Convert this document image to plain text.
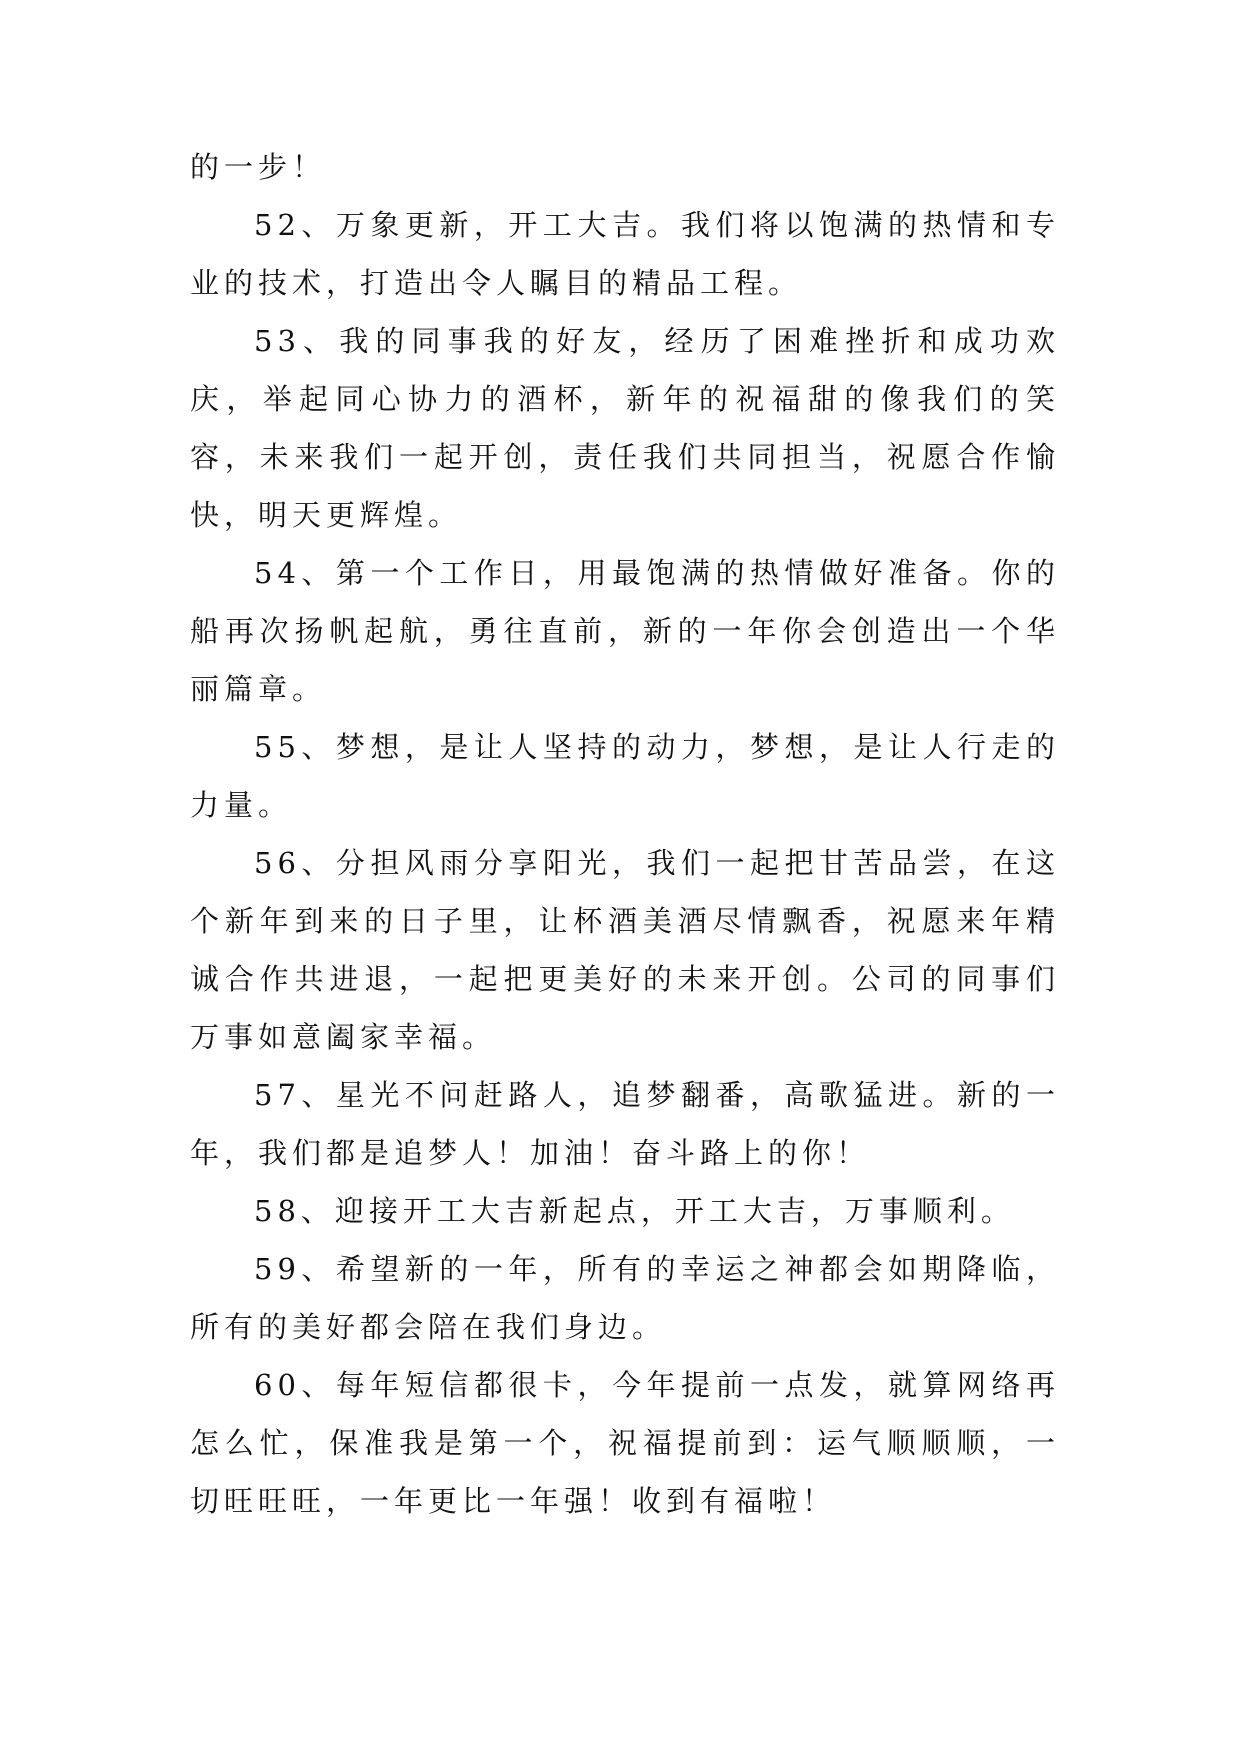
的一步！

52、万象更新，开工大吉。我们将以饱满的热情和专业的技术，打造出令人瞩目的精品工程。

53、我的同事我的好友，经历了困难挫折和成功欢庆，举起同心协力的酒杯，新年的祝福甜的像我们的笑容，未来我们一起开创，责任我们共同担当，祝愿合作愉快，明天更辉煌。

54、第一个工作日，用最饱满的热情做好准备。你的船再次扬帆起航，勇往直前，新的一年你会创造出一个华丽篇章。

55、梦想，是让人坚持的动力，梦想，是让人行走的力量。

56、分担风雨分享阳光，我们一起把甘苦品尝，在这个新年到来的日子里，让杯酒美酒尽情飘香，祝愿来年精诚合作共进退，一起把更美好的未来开创。公司的同事们万事如意阖家幸福。

57、星光不问赶路人，追梦翻番，高歌猛进。新的一年，我们都是追梦人！加油！奋斗路上的你！

58、迎接开工大吉新起点，开工大吉，万事顺利。

59、希望新的一年，所有的幸运之神都会如期降临，所有的美好都会陪在我们身边。

60、每年短信都很卡，今年提前一点发，就算网络再怎么忙，保准我是第一个，祝福提前到：运气顺顺顺，一切旺旺旺，一年更比一年强！收到有福啦！
